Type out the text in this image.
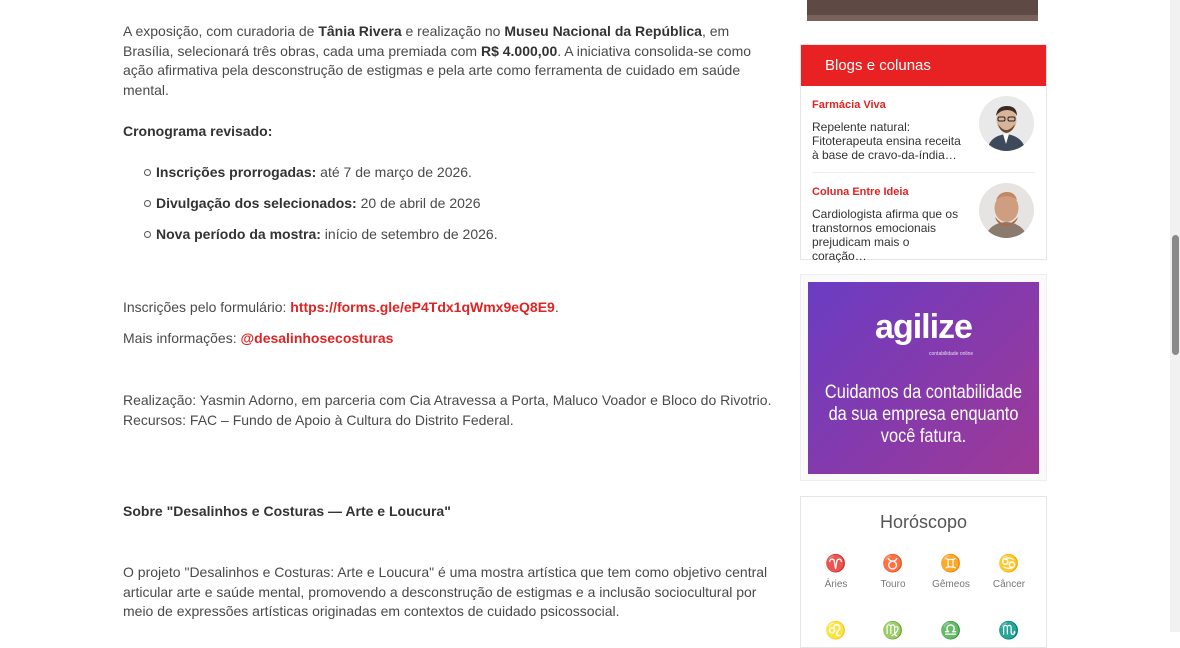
A exposição, com curadoria de Tânia Rivera e realização no Museu Nacional da República, em Brasília, selecionará três obras, cada uma premiada com R$ 4.000,00. A iniciativa consolida-se como ação afirmativa pela desconstrução de estigmas e pela arte como ferramenta de cuidado em saúde mental.

Cronograma revisado:

Inscrições prorrogadas: até 7 de março de 2026.
Divulgação dos selecionados: 20 de abril de 2026
Nova período da mostra: início de setembro de 2026.

Inscrições pelo formulário: https://forms.gle/eP4Tdx1qWmx9eQ8E9.

Mais informações: @desalinhosecosturas

Realização: Yasmin Adorno, em parceria com Cia Atravessa a Porta, Maluco Voador e Bloco do Rivotrio.
Recursos: FAC – Fundo de Apoio à Cultura do Distrito Federal.

Sobre "Desalinhos e Costuras — Arte e Loucura"

O projeto "Desalinhos e Costuras: Arte e Loucura" é uma mostra artística que tem como objetivo central articular arte e saúde mental, promovendo a desconstrução de estigmas e a inclusão sociocultural por meio de expressões artísticas originadas em contextos de cuidado psicossocial.

Blogs e colunas
Farmácia Viva
Repelente natural: Fitoterapeuta ensina receita à base de cravo-da-índia…
Coluna Entre Ideia
Cardiologista afirma que os transtornos emocionais prejudicam mais o coração…
agilize
contabilidade online
Cuidamos da contabilidade da sua empresa enquanto você fatura.
Horóscopo
♈
Áries
♉
Touro
♊
Gêmeos
♋
Câncer
♌	♍	♎	♏
